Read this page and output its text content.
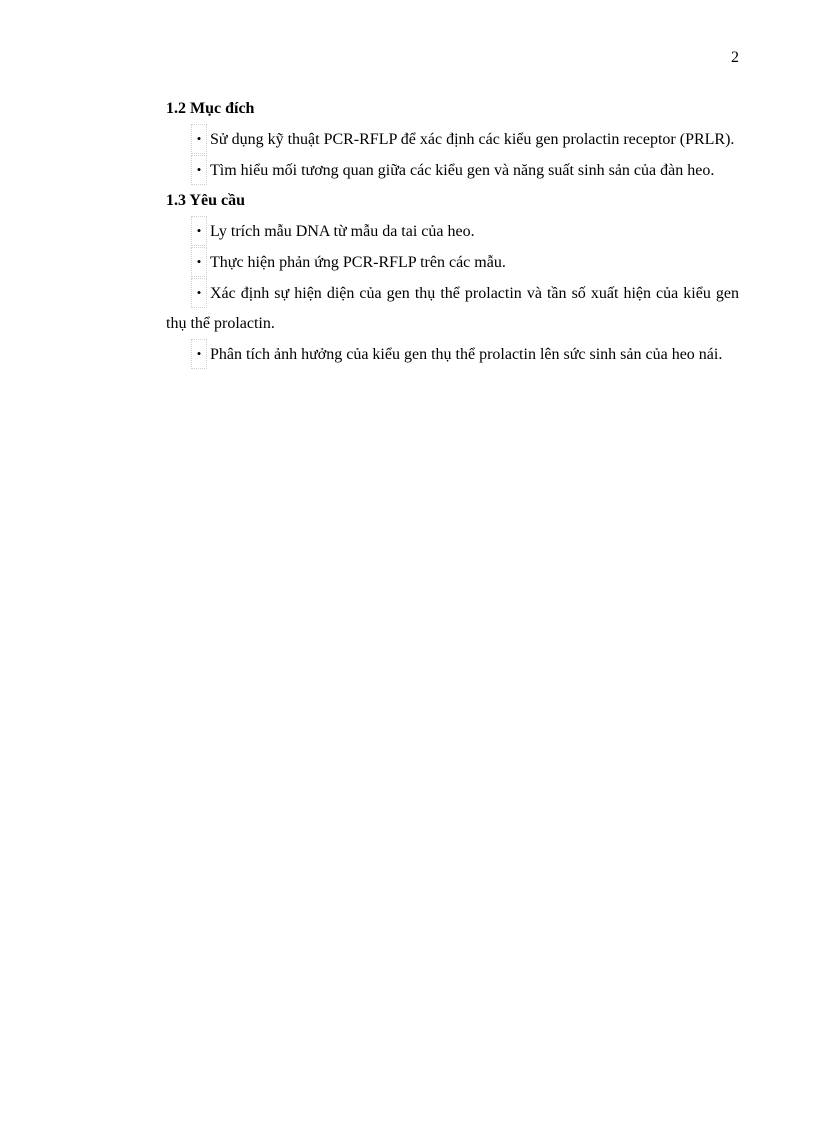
2

1.2 Mục đích

• Sử dụng kỹ thuật PCR-RFLP để xác định các kiểu gen prolactin receptor (PRLR).

• Tìm hiểu mối tương quan giữa các kiểu gen và năng suất sinh sản của đàn heo.

1.3 Yêu cầu

• Ly trích mẫu DNA từ mẫu da tai của heo.

• Thực hiện phản ứng PCR-RFLP trên các mẫu.

• Xác định sự hiện diện của gen thụ thể prolactin và tần số xuất hiện của kiểu gen thụ thể prolactin.

• Phân tích ảnh hưởng của kiểu gen thụ thể prolactin lên sức sinh sản của heo nái.
